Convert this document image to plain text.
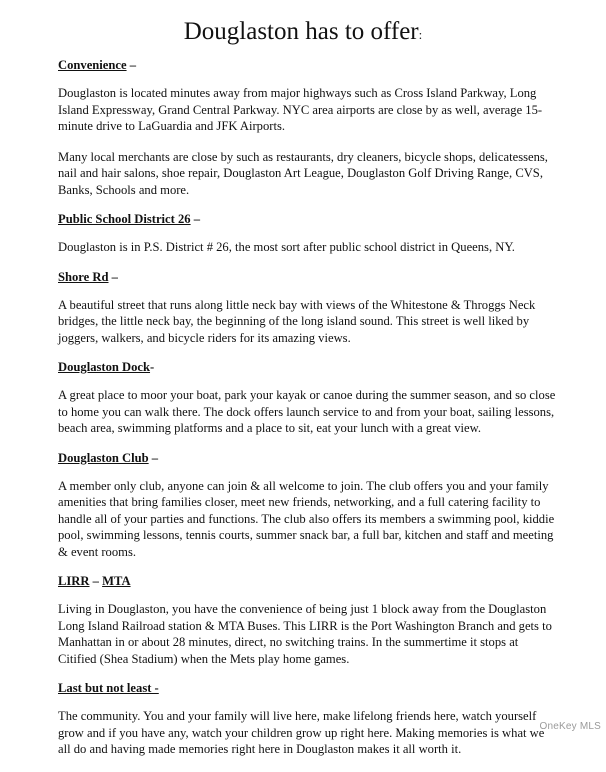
Douglaston has to offer:
Convenience –

Douglaston is located minutes away from major highways such as Cross Island Parkway, Long Island Expressway, Grand Central Parkway. NYC area airports are close by as well, average 15-minute drive to LaGuardia and JFK Airports.

Many local merchants are close by such as restaurants, dry cleaners, bicycle shops, delicatessens, nail and hair salons, shoe repair, Douglaston Art League, Douglaston Golf Driving Range, CVS, Banks, Schools and more.

Public School District 26 –

Douglaston is in P.S. District # 26, the most sort after public school district in Queens, NY.

Shore Rd –

A beautiful street that runs along little neck bay with views of the Whitestone & Throggs Neck bridges, the little neck bay, the beginning of the long island sound. This street is well liked by joggers, walkers, and bicycle riders for its amazing views.

Douglaston Dock-

A great place to moor your boat, park your kayak or canoe during the summer season, and so close to home you can walk there. The dock offers launch service to and from your boat, sailing lessons, beach area, swimming platforms and a place to sit, eat your lunch with a great view.

Douglaston Club –

A member only club, anyone can join & all welcome to join. The club offers you and your family amenities that bring families closer, meet new friends, networking, and a full catering facility to handle all of your parties and functions. The club also offers its members a swimming pool, kiddie pool, swimming lessons, tennis courts, summer snack bar, a full bar, kitchen and staff and meeting & event rooms.

LIRR – MTA

Living in Douglaston, you have the convenience of being just 1 block away from the Douglaston Long Island Railroad station & MTA Buses. This LIRR is the Port Washington Branch and gets to Manhattan in or about 28 minutes, direct, no switching trains. In the summertime it stops at Citified (Shea Stadium) when the Mets play home games.

Last but not least -

The community. You and your family will live here, make lifelong friends here, watch yourself grow and if you have any, watch your children grow up right here. Making memories is what we all do and having made memories right here in Douglaston makes it all worth it.

OneKey MLS
